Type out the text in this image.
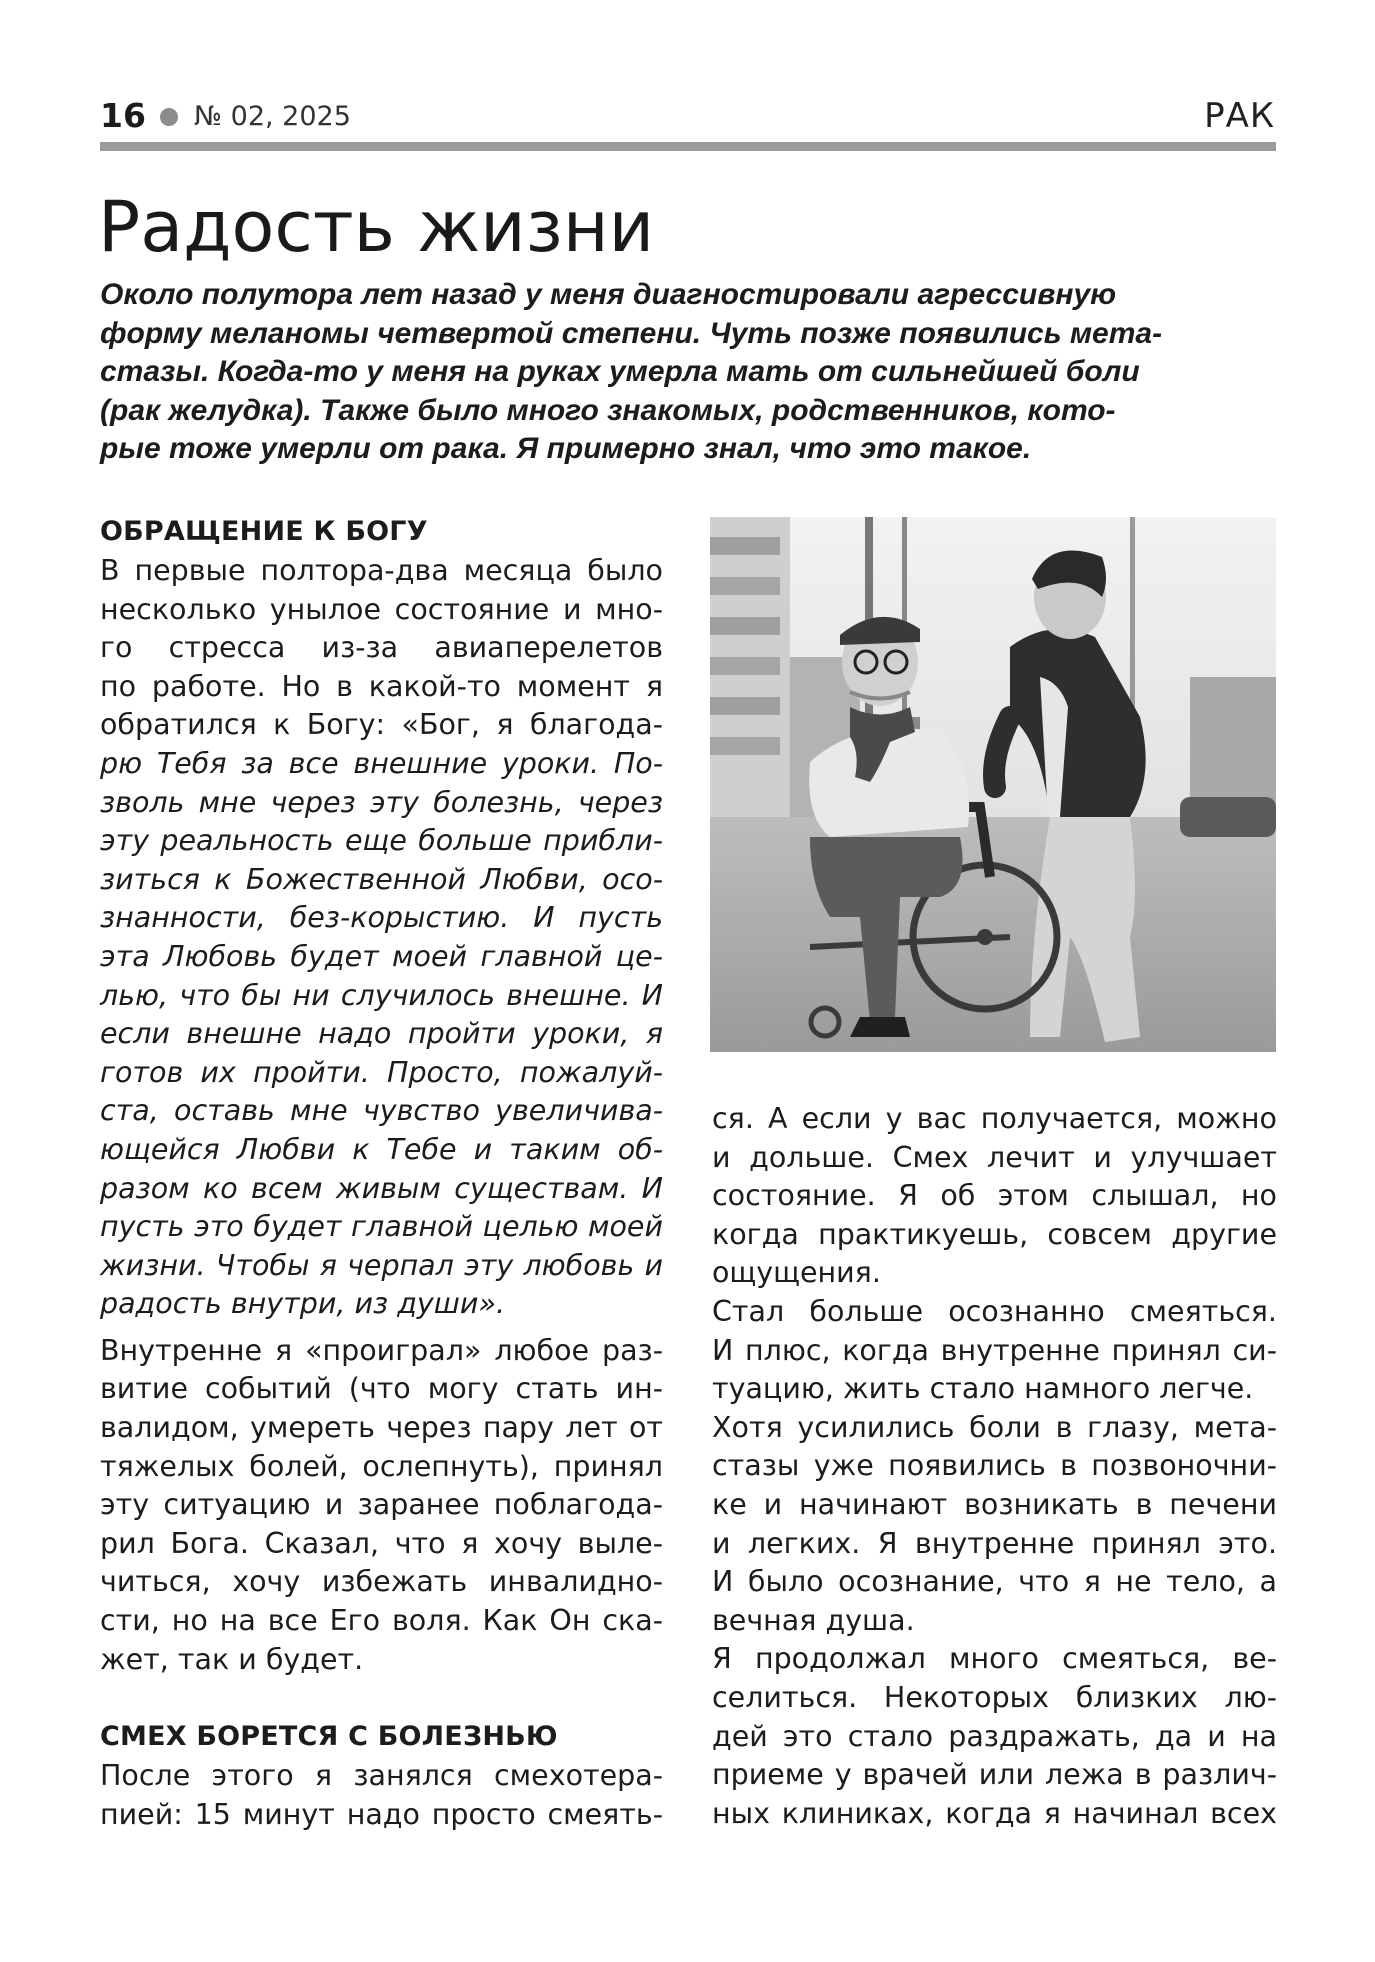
16 № 02, 2025	РАК
Радость жизни
Около полутора лет назад у меня диагностировали агрессивную
форму меланомы четвертой степени. Чуть позже появились мета-
стазы. Когда-то у меня на руках умерла мать от сильнейшей боли
(рак желудка). Также было много знакомых, родственников, кото-
рые тоже умерли от рака. Я примерно знал, что это такое.
ОБРАЩЕНИЕ К БОГУ
В первые полтора-два месяца было
несколько унылое состояние и мно-
го стресса из-за авиаперелетов
по работе. Но в какой-то момент я
обратился к Богу: «Бог, я благода-
рю Тебя за все внешние уроки. По-
зволь мне через эту болезнь, через
эту реальность еще больше прибли-
зиться к Божественной Любви, осо-
знанности, без-корыстию. И пусть
эта Любовь будет моей главной це-
лью, что бы ни случилось внешне. И
если внешне надо пройти уроки, я
готов их пройти. Просто, пожалуй-
ста, оставь мне чувство увеличива-
ющейся Любви к Тебе и таким об-
разом ко всем живым существам. И
пусть это будет главной целью моей
жизни. Чтобы я черпал эту любовь и
радость внутри, из души».
Внутренне я «проиграл» любое раз-
витие событий (что могу стать ин-
валидом, умереть через пару лет от
тяжелых болей, ослепнуть), принял
эту ситуацию и заранее поблагода-
рил Бога. Сказал, что я хочу выле-
читься, хочу избежать инвалидно-
сти, но на все Его воля. Как Он ска-
жет, так и будет.
СМЕХ БОРЕТСЯ С БОЛЕЗНЬЮ
После этого я занялся смехотера-
пией: 15 минут надо просто смеять-
ся. А если у вас получается, можно
и дольше. Смех лечит и улучшает
состояние. Я об этом слышал, но
когда практикуешь, совсем другие
ощущения.
Стал больше осознанно смеяться.
И плюс, когда внутренне принял си-
туацию, жить стало намного легче.
Хотя усилились боли в глазу, мета-
стазы уже появились в позвоночни-
ке и начинают возникать в печени
и легких. Я внутренне принял это.
И было осознание, что я не тело, а
вечная душа.
Я продолжал много смеяться, ве-
селиться. Некоторых близких лю-
дей это стало раздражать, да и на
приеме у врачей или лежа в различ-
ных клиниках, когда я начинал всех
